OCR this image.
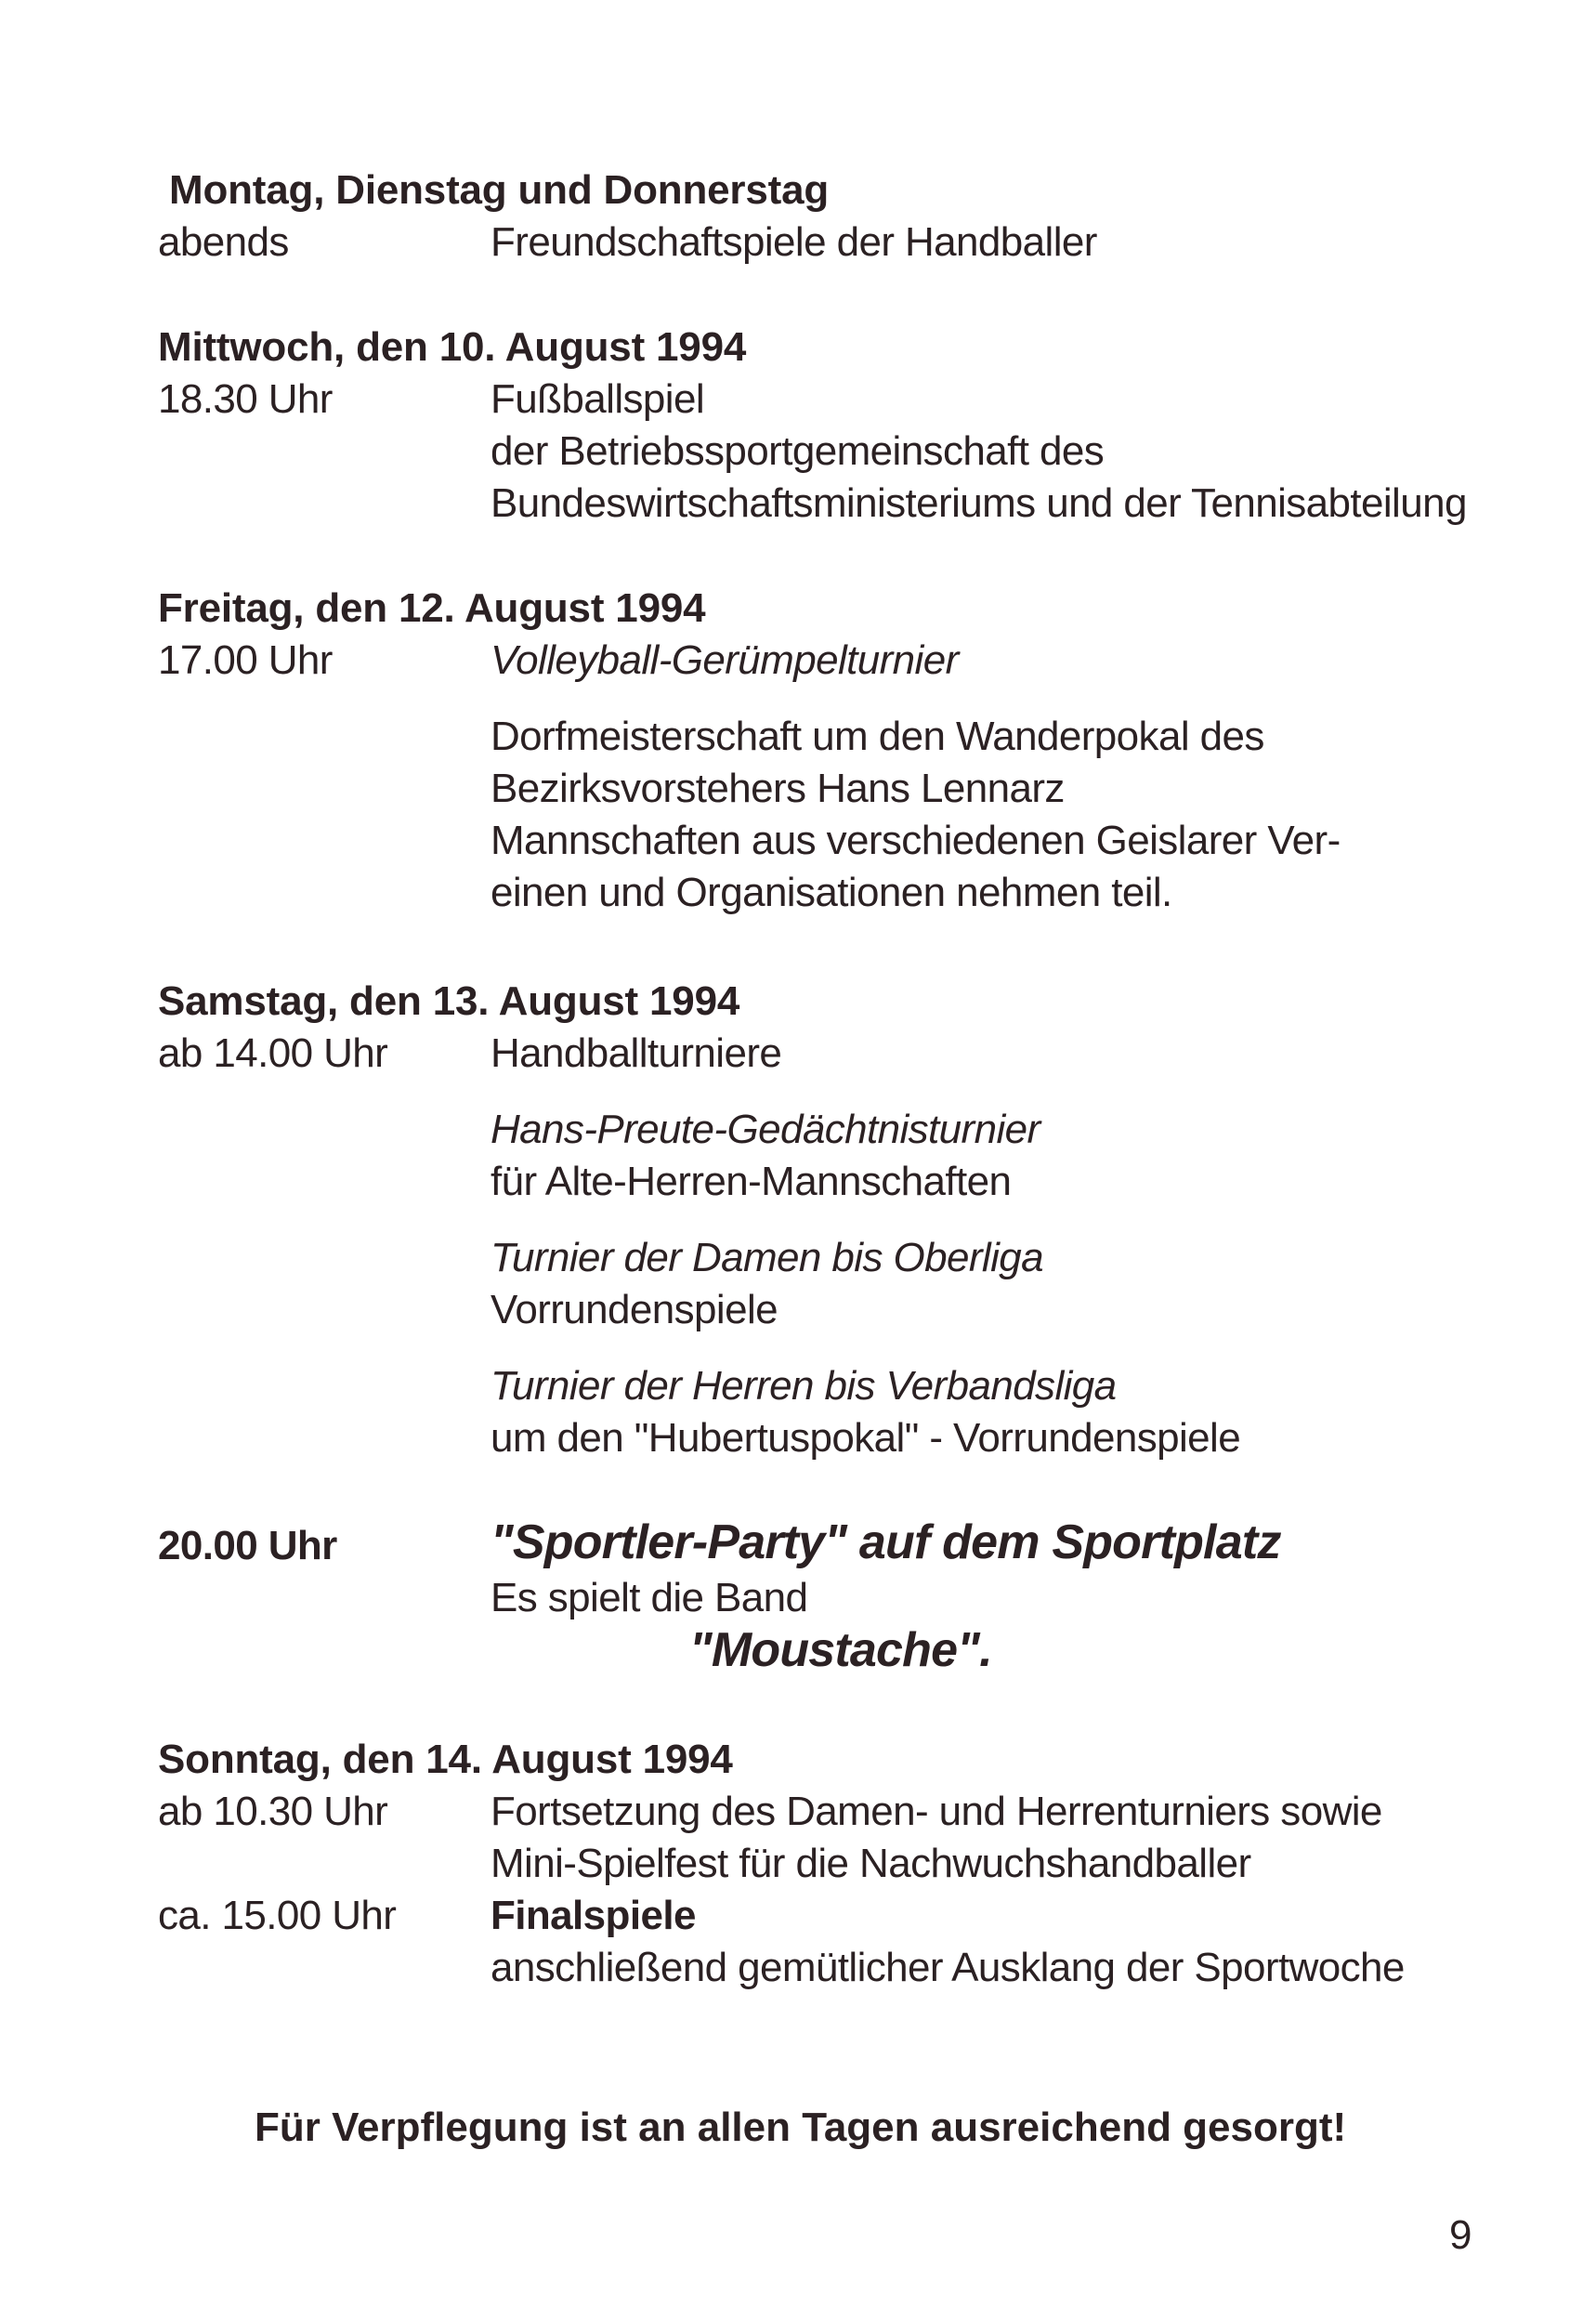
Montag, Dienstag und Donnerstag
abends	Freundschaftspiele der Handballer
Mittwoch, den 10. August 1994
18.30 Uhr	Fußballspiel
der Betriebssportgemeinschaft des
Bundeswirtschaftsministeriums und der Tennisabteilung
Freitag, den 12. August 1994
17.00 Uhr	Volleyball-Gerümpelturnier
Dorfmeisterschaft um den Wanderpokal des
Bezirksvorstehers Hans Lennarz
Mannschaften aus verschiedenen Geislarer Ver-
einen und Organisationen nehmen teil.
Samstag, den 13. August 1994
ab 14.00 Uhr	Handballturniere
Hans-Preute-Gedächtnisturnier
für Alte-Herren-Mannschaften
Turnier der Damen bis Oberliga
Vorrundenspiele
Turnier der Herren bis Verbandsliga
um den "Hubertuspokal" - Vorrundenspiele
20.00 Uhr	"Sportler-Party" auf dem Sportplatz
Es spielt die Band
"Moustache".
Sonntag, den 14. August 1994
ab 10.30 Uhr	Fortsetzung des Damen- und Herrenturniers sowie
Mini-Spielfest für die Nachwuchshandballer
ca. 15.00 Uhr Finalspiele
anschließend gemütlicher Ausklang der Sportwoche
Für Verpflegung ist an allen Tagen ausreichend gesorgt!
9
